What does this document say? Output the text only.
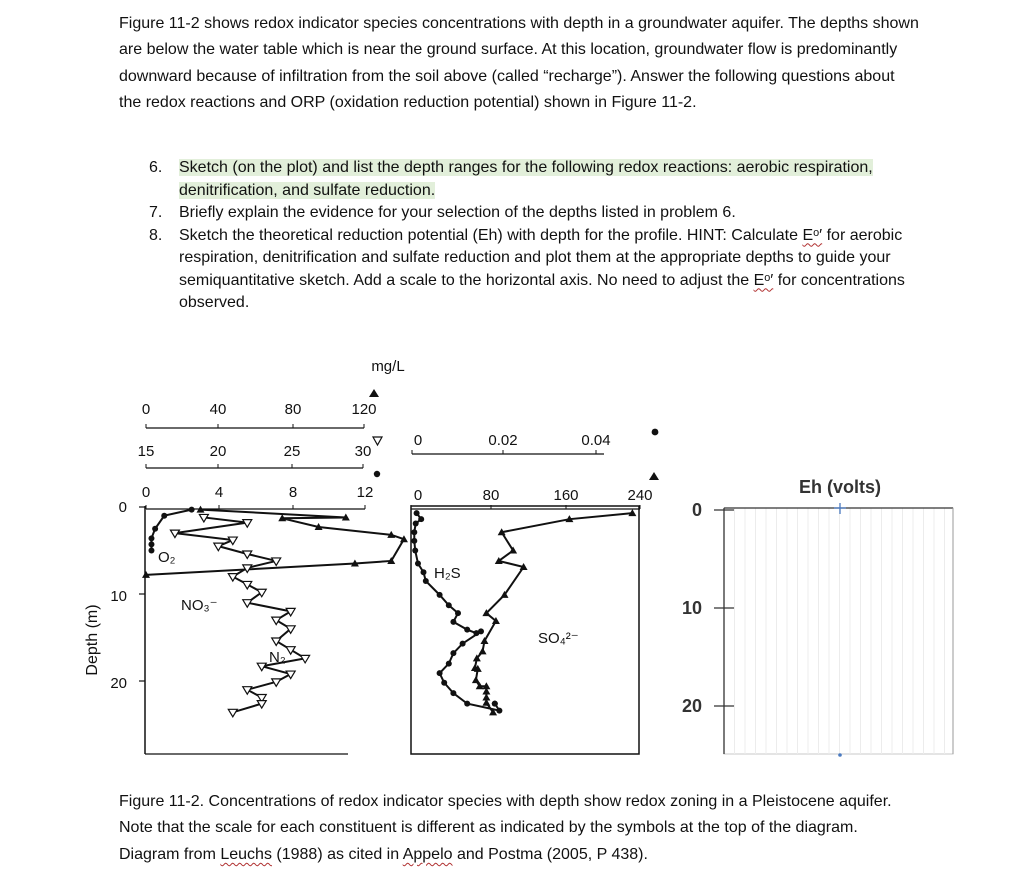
Figure 11-2 shows redox indicator species concentrations with depth in a groundwater aquifer. The depths shown are below the water table which is near the ground surface. At this location, groundwater flow is predominantly downward because of infiltration from the soil above (called “recharge”). Answer the following questions about the redox reactions and ORP (oxidation reduction potential) shown in Figure 11-2.
6. Sketch (on the plot) and list the depth ranges for the following redox reactions: aerobic respiration, denitrification, and sulfate reduction.
7. Briefly explain the evidence for your selection of the depths listed in problem 6.
8. Sketch the theoretical reduction potential (Eh) with depth for the profile. HINT: Calculate Eᵒ′ for aerobic respiration, denitrification and sulfate reduction and plot them at the appropriate depths to guide your semiquantitative sketch. Add a scale to the horizontal axis. No need to adjust the Eᵒ′ for concentrations observed.
mg/L
Depth (m)
0	40	80	120
15	20	25	30
0	4	8	12
0	0.02	0.04
0	80	160	240
0
10
20
O₂
NO₃⁻
N₂
H₂S
SO₄²⁻
Eh (volts)
0
10
20
Figure 11-2. Concentrations of redox indicator species with depth show redox zoning in a Pleistocene aquifer. Note that the scale for each constituent is different as indicated by the symbols at the top of the diagram. Diagram from Leuchs (1988) as cited in Appelo and Postma (2005, P 438).
